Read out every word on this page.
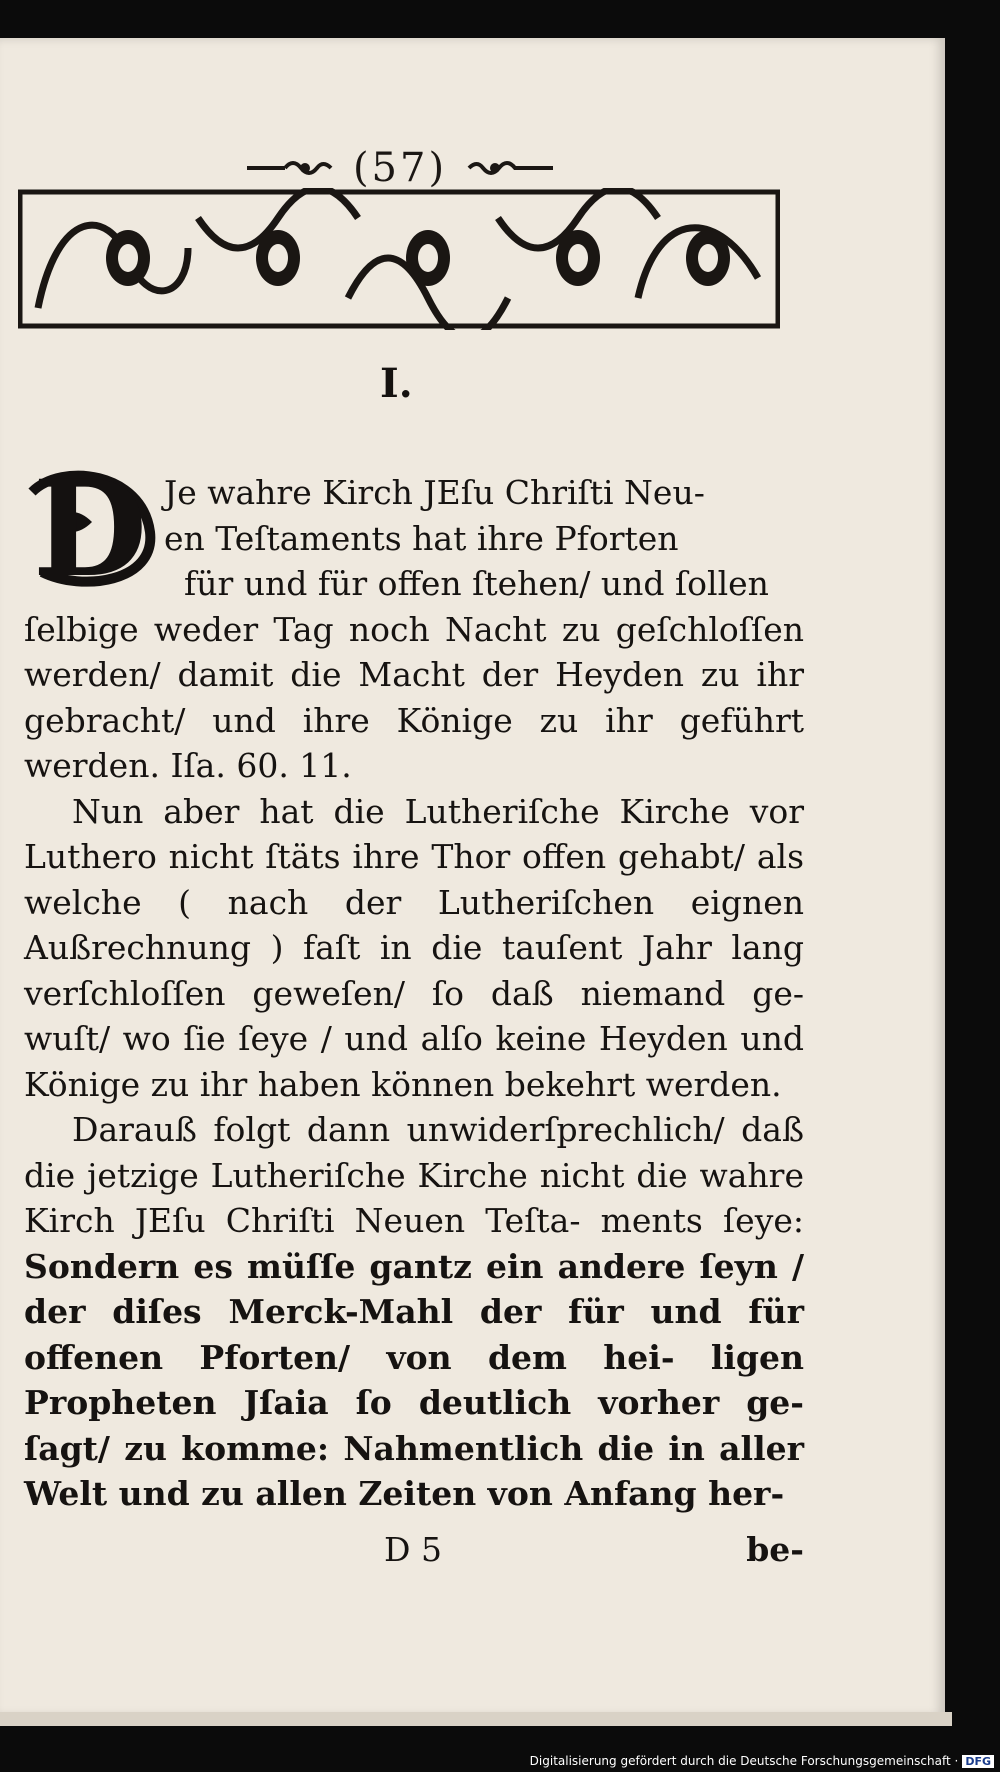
(57)
I.
D Je wahre Kirch JEſu Chriſti Neu-
en Teſtaments hat ihre Pforten
für und für offen ſtehen/ und ſollen
ſelbige weder Tag noch Nacht zu geſchloſſen werden/ damit die Macht der Heyden zu ihr gebracht/ und ihre Könige zu ihr geführt werden. Iſa. 60. 11.

Nun aber hat die Lutheriſche Kirche vor Luthero nicht ſtäts ihre Thor offen gehabt/ als welche ( nach der Lutheriſchen eignen Außrechnung ) faſt in die tauſent Jahr lang verſchloſſen geweſen/ ſo daß niemand ge- wuſt/ wo ſie ſeye / und alſo keine Heyden und Könige zu ihr haben können bekehrt werden.

Darauß folgt dann unwiderſprechlich/ daß die jetzige Lutheriſche Kirche nicht die wahre Kirch JEſu Chriſti Neuen Teſta- ments ſeye: Sondern es müſſe gantz ein andere ſeyn / der diſes Merck-Mahl der für und für offenen Pforten/ von dem hei- ligen Propheten Jſaia ſo deutlich vorher ge- ſagt/ zu komme: Nahmentlich die in aller Welt und zu allen Zeiten von Anfang her-

D 5	be-
Digitalisierung gefördert durch die Deutsche Forschungsgemeinschaft · DFG
